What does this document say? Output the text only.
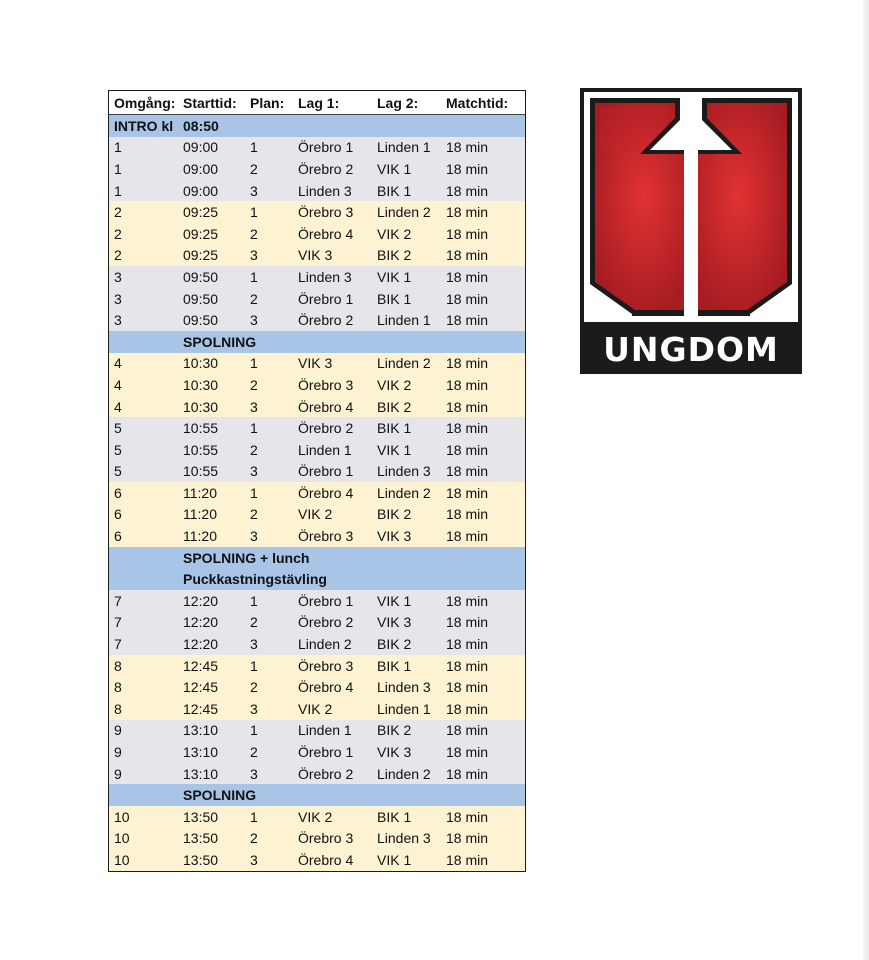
Omgång: Starttid: Plan: Lag 1:	Lag 2:	Matchtid:
INTRO kl 08:50
1	09:00	1	Örebro 1	Linden 1	18 min
1	09:00	2	Örebro 2	VIK 1	18 min
1	09:00	3	Linden 3	BIK 1	18 min
2	09:25	1	Örebro 3	Linden 2	18 min
2	09:25	2	Örebro 4	VIK 2	18 min
2	09:25	3	VIK 3	BIK 2	18 min
3	09:50	1	Linden 3	VIK 1	18 min
3	09:50	2	Örebro 1	BIK 1	18 min
3	09:50	3	Örebro 2	Linden 1	18 min
SPOLNING
4	10:30	1	VIK 3	Linden 2	18 min
4	10:30	2	Örebro 3	VIK 2	18 min
4	10:30	3	Örebro 4	BIK 2	18 min
5	10:55	1	Örebro 2	BIK 1	18 min
5	10:55	2	Linden 1	VIK 1	18 min
5	10:55	3	Örebro 1	Linden 3	18 min
6	11:20	1	Örebro 4	Linden 2	18 min
6	11:20	2	VIK 2	BIK 2	18 min
6	11:20	3	Örebro 3	VIK 3	18 min
SPOLNING + lunch
Puckkastningstävling
7	12:20	1	Örebro 1	VIK 1	18 min
7	12:20	2	Örebro 2	VIK 3	18 min
7	12:20	3	Linden 2	BIK 2	18 min
8	12:45	1	Örebro 3	BIK 1	18 min
8	12:45	2	Örebro 4	Linden 3	18 min
8	12:45	3	VIK 2	Linden 1	18 min
9	13:10	1	Linden 1	BIK 2	18 min
9	13:10	2	Örebro 1	VIK 3	18 min
9	13:10	3	Örebro 2	Linden 2	18 min
SPOLNING
10	13:50	1	VIK 2	BIK 1	18 min
10	13:50	2	Örebro 3	Linden 3	18 min
10	13:50	3	Örebro 4	VIK 1	18 min
UNGDOM
